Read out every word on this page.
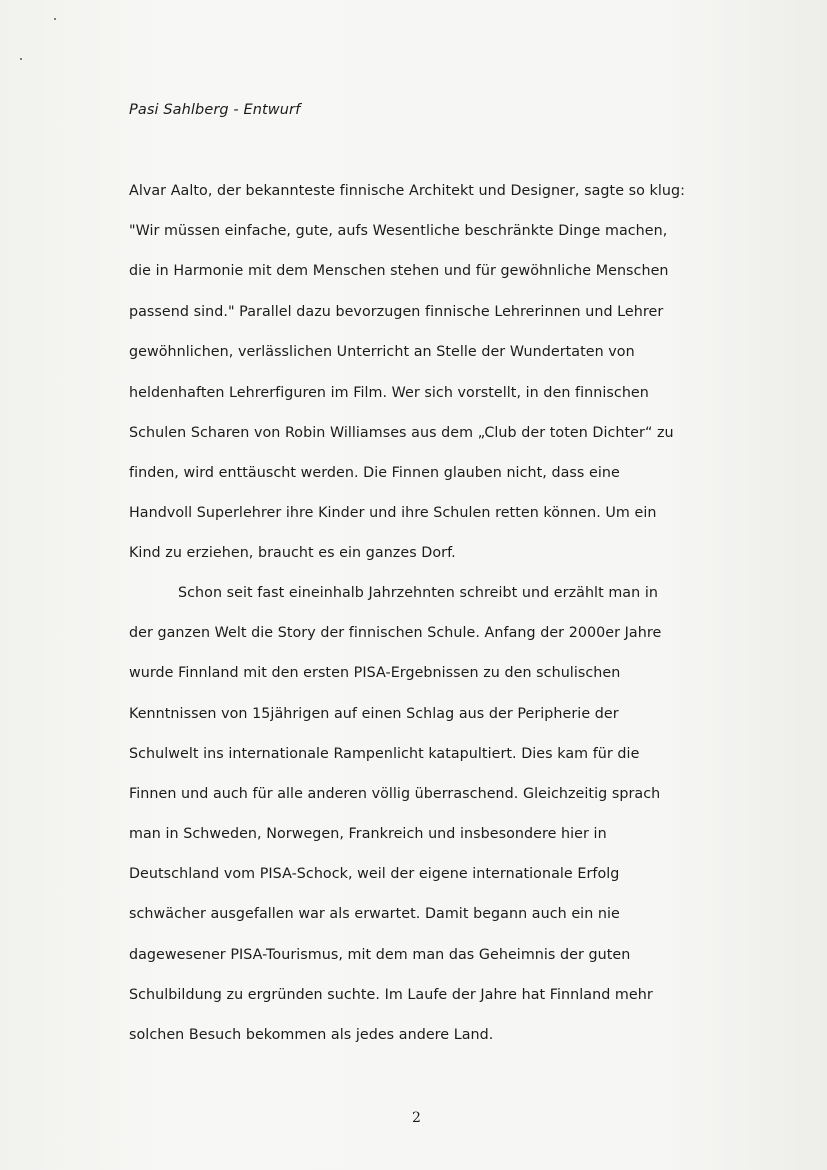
Pasi Sahlberg - Entwurf
Alvar Aalto, der bekannteste finnische Architekt und Designer, sagte so klug:
"Wir müssen einfache, gute, aufs Wesentliche beschränkte Dinge machen,
die in Harmonie mit dem Menschen stehen und für gewöhnliche Menschen
passend sind." Parallel dazu bevorzugen finnische Lehrerinnen und Lehrer
gewöhnlichen, verlässlichen Unterricht an Stelle der Wundertaten von
heldenhaften Lehrerfiguren im Film. Wer sich vorstellt, in den finnischen
Schulen Scharen von Robin Williamses aus dem „Club der toten Dichter“ zu
finden, wird enttäuscht werden. Die Finnen glauben nicht, dass eine
Handvoll Superlehrer ihre Kinder und ihre Schulen retten können. Um ein
Kind zu erziehen, braucht es ein ganzes Dorf.
Schon seit fast eineinhalb Jahrzehnten schreibt und erzählt man in
der ganzen Welt die Story der finnischen Schule. Anfang der 2000er Jahre
wurde Finnland mit den ersten PISA-Ergebnissen zu den schulischen
Kenntnissen von 15jährigen auf einen Schlag aus der Peripherie der
Schulwelt ins internationale Rampenlicht katapultiert. Dies kam für die
Finnen und auch für alle anderen völlig überraschend. Gleichzeitig sprach
man in Schweden, Norwegen, Frankreich und insbesondere hier in
Deutschland vom PISA-Schock, weil der eigene internationale Erfolg
schwächer ausgefallen war als erwartet. Damit begann auch ein nie
dagewesener PISA-Tourismus, mit dem man das Geheimnis der guten
Schulbildung zu ergründen suchte. Im Laufe der Jahre hat Finnland mehr
solchen Besuch bekommen als jedes andere Land.
2
